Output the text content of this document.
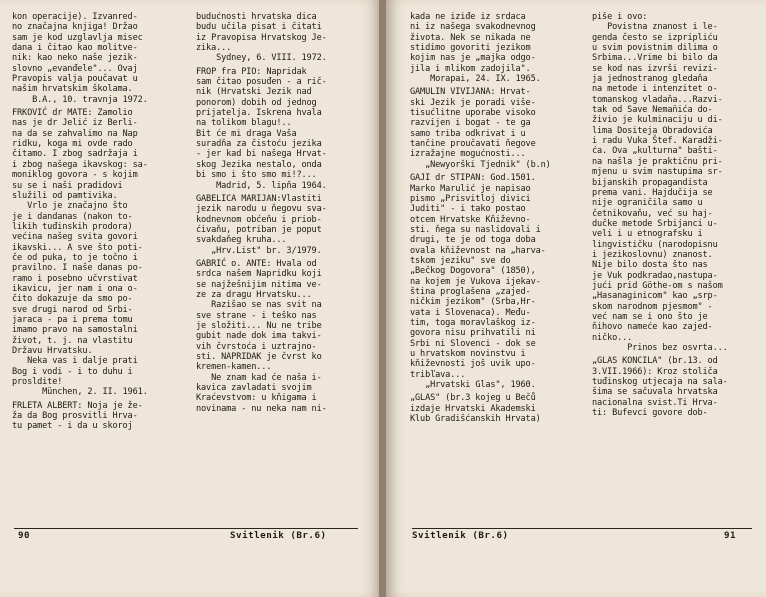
kon operacije). Izvanred-

no značajna knjiga! Držao

sam je kod uzglavlja misec

dana i čitao kao molitve-

nik: kao neko naše jezik-

slovno „evanđele"... Ovaj

Pravopis valja poučavat u

našim hrvatskim školama.

B.A., 10. travnja 1972.

FRKOVIĆ dr MATE: Zamolio

nas je dr Jelić iz Berli-

na da se zahvalimo na Nap

ridku, koga mi ovde rado

čitamo. I zbog sadržaja i

i zbog našega ikavskog: sa-

moniklog govora - s kojim

su se i naši pradidovi

služili od pamtivika.

Vrlo je značajno što

je i dandanas (nakon to-

likih tuđinskih prodora)

većina našeg svita govori

ikavski... A sve što poti-

če od puka, to je točno i

pravilno. I naše danas po-

ramo i posebno učvrstivat

ikavicu, jer nam i ona o-

čito dokazuje da smo po-

sve drugi narod od Srbi-

jaraca - pa i prema tomu

imamo pravo na samostalni

život, t. j. na vlastitu

Državu Hrvatsku.

Neka vas i dalje prati

Bog i vodi - i to duhu i

prosldite!

München, 2. II. 1961.

FRLETA ALBERT: Noja je že-

ža da Bog prosvitli Hrva-

tu pamet - i da u skoroj

budućnosti hrvatska dica

budu učila pisat i čitati

iz Pravopisa Hrvatskog Je-

zika...

Sydney, 6. VIII. 1972.

FROP fra PIO: Napridak

sam čitao posuđen - a rič-

nik (Hrvatski Jezik nad

ponorom) dobih od jednog

prijatelja. Iskrena hvala

na tolikom blagu!..

Bit će mi draga Vaša

suradňa za čistoću jezika

- jer kad bi našega Hrvat-

skog Jezika nestalo, onda

bi smo i što smo mi!?...

Madrid, 5. lipňa 1964.

GABELICA MARIJAN:Vlastiti

jezik narodu u ňegovu sva-

kodnevnom obćeňu i priob-

ćivaňu, potriban je poput

svakdaňeg kruha...

„Hrv.List" br. 3/1979.

GABRIĆ o. ANTE: Hvala od

srdca našem Napridku koji

se najžešnijim nitima ve-

ze za dragu Hrvatsku...

Razišao se nas svit na

sve strane - i teško nas

je složiti... Nu ne tribe

gubit nade dok ima takvi-

vih čvrstoća i uztrajno-

sti. NAPRIDAK je čvrst ko

kremen-kamen...

Ne znam kad će naša i-

kavica zavladati svojim

Kraćevstvom: u kňigama i

novinama - nu neka nam ni-

90	Svitlenik (Br.6)

kada ne iziđe iz srdaca

ni iz našega svakodnevnog

života. Nek se nikada ne

stidimo govoriti jezikom

kojim nas je „majka odgo-

jila i mlikom zadojila".

Morapai, 24. IX. 1965.

GAMULIN VIVIJANA: Hrvat-

ski Jezik je poradi više-

tisućlitne uporabe visoko

razvijen i bogat - te ga

samo triba odkrivat i u

tančine proučavati ňegove

izražajne mogućnosti...

„Newyorški Tjednik" (b.n)

GAJI dr STIPAN: God.1501.

Marko Marulić je napisao

pismo „Prisvitloj divici

Juditi" - i tako postao

otcem Hrvatske Kňiževno-

sti. ňega su naslidovali i

drugi, te je od toga doba

ovala kňiževnost na „harva-

tskom jeziku" sve do

„Bečkog Dogovora" (1850),

na kojem je Vukova ijekav-

ština proglašena „zajed-

ničkim jezikom" (Srba,Hr-

vata i Slovenaca). Među-

tim, toga moravlaškog iz-

govora nisu prihvatili ni

Srbi ni Slovenci - dok se

u hrvatskom novinstvu i

kňiževnosti još uvik upo-

tribľava...

„Hrvatski Glas", 1960.

„GLAS" (br.3 kojeg u Bečů

izdaje Hrvatski Akademski

Klub Gradišćanskih Hrvata)

piše i ovo:

Povistna znanost i le-

genda često se izpripliću

u svim povistnim dilima o

Srbima...Vrime bi bilo da

se kod nas izvrši revizi-

ja jednostranog gledaňa

na metode i intenzitet o-

tomanskog vladaňa...Razvi-

tak od Save Neman̈ića do-

živio je kulminaciju u di-

lima Dositeja Obradovića

i radu Vuka Štef. Karadži-

ća. Ova „kulturna" bašti-

na našla je praktičnu pri-

mjenu u svim nastupima sr-

bijanskih propagandista

prema vani. Hajdučija se

nije ograničila samo u

četnikovaňu, već su haj-

dučke metode Srbijanci u-

veli i u etnografsku i

lingvističku (narodopisnu

i jezikoslovnu) znanost.

Nije bilo dosta što nas

je Vuk podkradao,nastupa-

jući prid Göthe-om s našom

„Hasanaginicom" kao „srp-

skom narodnom pjesmom" -

već nam se i ono što je

ňihovo nameće kao zajed-

ničko...

Prinos bez osvrta...

„GLAS KONCILA" (br.13. od

3.VII.1966): Kroz stoliča

tuđinskog utjecaja na sala-

šima se sačuvala hrvatska

nacionalna svist.Ti Hrva-

ti: Bufevci govore dob-

Svitlenik (Br.6)	91
